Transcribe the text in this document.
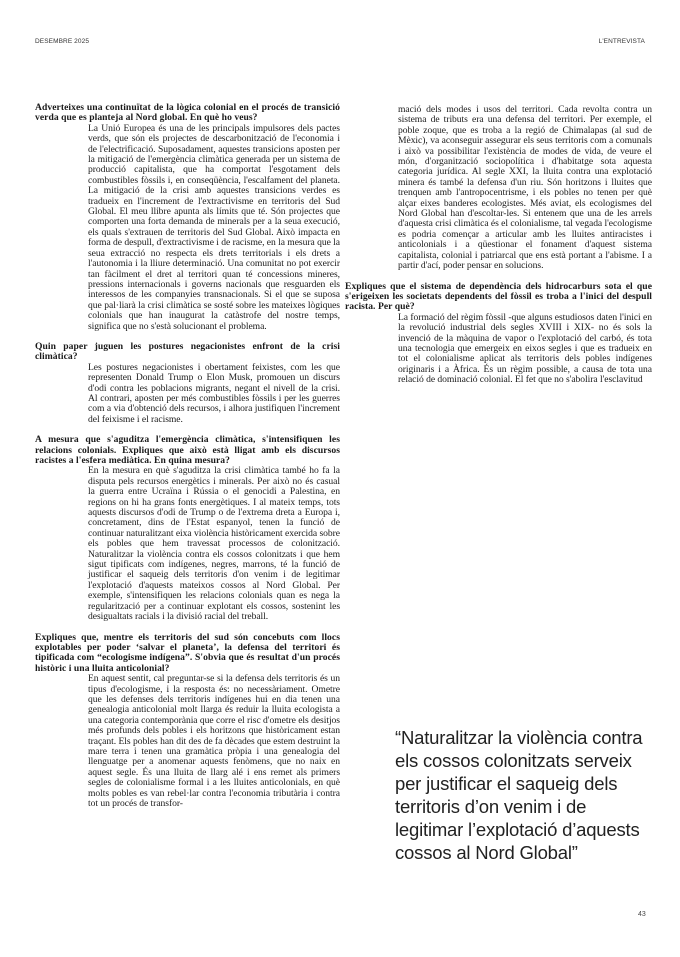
DESEMBRE 2025	L'ENTREVISTA

Adverteixes una continuïtat de la lògica colonial en el procés de transició verda que es planteja al Nord global. En què ho veus?

La Unió Europea és una de les principals impulsores dels pactes verds, que són els projectes de descarbonització de l'economia i de l'electrificació. Suposadament, aquestes transicions aposten per la mitigació de l'emergència climàtica generada per un sistema de producció capitalista, que ha comportat l'esgotament dels combustibles fòssils i, en conseqüència, l'escalfament del planeta. La mitigació de la crisi amb aquestes transicions verdes es tradueix en l'increment de l'extractivisme en territoris del Sud Global. El meu llibre apunta als límits que té. Són projectes que comporten una forta demanda de minerals per a la seua execució, els quals s'extrauen de territoris del Sud Global. Això impacta en forma de despull, d'extractivisme i de racisme, en la mesura que la seua extracció no respecta els drets territorials i els drets a l'autonomia i la lliure determinació. Una comunitat no pot exercir tan fàcilment el dret al territori quan té concessions mineres, pressions internacionals i governs nacionals que resguarden els interessos de les companyies transnacionals. Si el que se suposa que pal·liarà la crisi climàtica se sosté sobre les mateixes lògiques colonials que han inaugurat la catàstrofe del nostre temps, significa que no s'està solucionant el problema.

Quin paper juguen les postures negacionistes enfront de la crisi climàtica?

Les postures negacionistes i obertament feixistes, com les que representen Donald Trump o Elon Musk, promouen un discurs d'odi contra les poblacions migrants, negant el nivell de la crisi. Al contrari, aposten per més combustibles fòssils i per les guerres com a via d'obtenció dels recursos, i alhora justifiquen l'increment del feixisme i el racisme.

A mesura que s'aguditza l'emergència climàtica, s'intensifiquen les relacions colonials. Expliques que això està lligat amb els discursos racistes a l'esfera mediàtica. En quina mesura?

En la mesura en què s'aguditza la crisi climàtica també ho fa la disputa pels recursos energètics i minerals. Per això no és casual la guerra entre Ucraïna i Rússia o el genocidi a Palestina, en regions on hi ha grans fonts energètiques. I al mateix temps, tots aquests discursos d'odi de Trump o de l'extrema dreta a Europa i, concretament, dins de l'Estat espanyol, tenen la funció de continuar naturalitzant eixa violència històricament exercida sobre els pobles que hem travessat processos de colonització. Naturalitzar la violència contra els cossos colonitzats i que hem sigut tipificats com indígenes, negres, marrons, té la funció de justificar el saqueig dels territoris d'on venim i de legitimar l'explotació d'aquests mateixos cossos al Nord Global. Per exemple, s'intensifiquen les relacions colonials quan es nega la regularització per a continuar explotant els cossos, sostenint les desigualtats racials i la divisió racial del treball.

Expliques que, mentre els territoris del sud són concebuts com llocs explotables per poder ‘salvar el planeta’, la defensa del territori és tipificada com “ecologisme indígena”. S'obvia que és resultat d'un procés històric i una lluita anticolonial?

En aquest sentit, cal preguntar-se si la defensa dels territoris és un tipus d'ecologisme, i la resposta és: no necessàriament. Ometre que les defenses dels territoris indígenes hui en dia tenen una genealogia anticolonial molt llarga és reduir la lluita ecologista a una categoria contemporània que corre el risc d'ometre els desitjos més profunds dels pobles i els horitzons que històricament estan traçant. Els pobles han dit des de fa dècades que estem destruint la mare terra i tenen una gramàtica pròpia i una genealogia del llenguatge per a anomenar aquests fenòmens, que no naix en aquest segle. És una lluita de llarg alé i ens remet als primers segles de colonialisme formal i a les lluites anticolonials, en què molts pobles es van rebel·lar contra l'economia tributària i contra tot un procés de transfor-

mació dels modes i usos del territori. Cada revolta contra un sistema de tributs era una defensa del territori. Per exemple, el poble zoque, que es troba a la regió de Chimalapas (al sud de Mèxic), va aconseguir assegurar els seus territoris com a comunals i això va possibilitar l'existència de modes de vida, de veure el món, d'organització sociopolítica i d'habitatge sota aquesta categoria jurídica. Al segle XXI, la lluita contra una explotació minera és també la defensa d'un riu. Són horitzons i lluites que trenquen amb l'antropocentrisme, i els pobles no tenen per què alçar eixes banderes ecologistes. Més aviat, els ecologismes del Nord Global han d'escoltar-les. Si entenem que una de les arrels d'aquesta crisi climàtica és el colonialisme, tal vegada l'ecologisme es podria començar a articular amb les lluites antiracistes i anticolonials i a qüestionar el fonament d'aquest sistema capitalista, colonial i patriarcal que ens està portant a l'abisme. I a partir d'ací, poder pensar en solucions.

Expliques que el sistema de dependència dels hidrocarburs sota el que s'erigeixen les societats dependents del fòssil es troba a l'inici del despull racista. Per què?

La formació del règim fòssil -que alguns estudiosos daten l'inici en la revolució industrial dels segles XVIII i XIX- no és sols la invenció de la màquina de vapor o l'explotació del carbó, és tota una tecnologia que emergeix en eixos segles i que es tradueix en tot el colonialisme aplicat als territoris dels pobles indígenes originaris i a Àfrica. És un règim possible, a causa de tota una relació de dominació colonial. El fet que no s'abolira l'esclavitud

“Naturalitzar la violència contra els cossos colonitzats serveix per justificar el saqueig dels territoris d’on venim i de legitimar l’explotació d’aquests cossos al Nord Global”
43
